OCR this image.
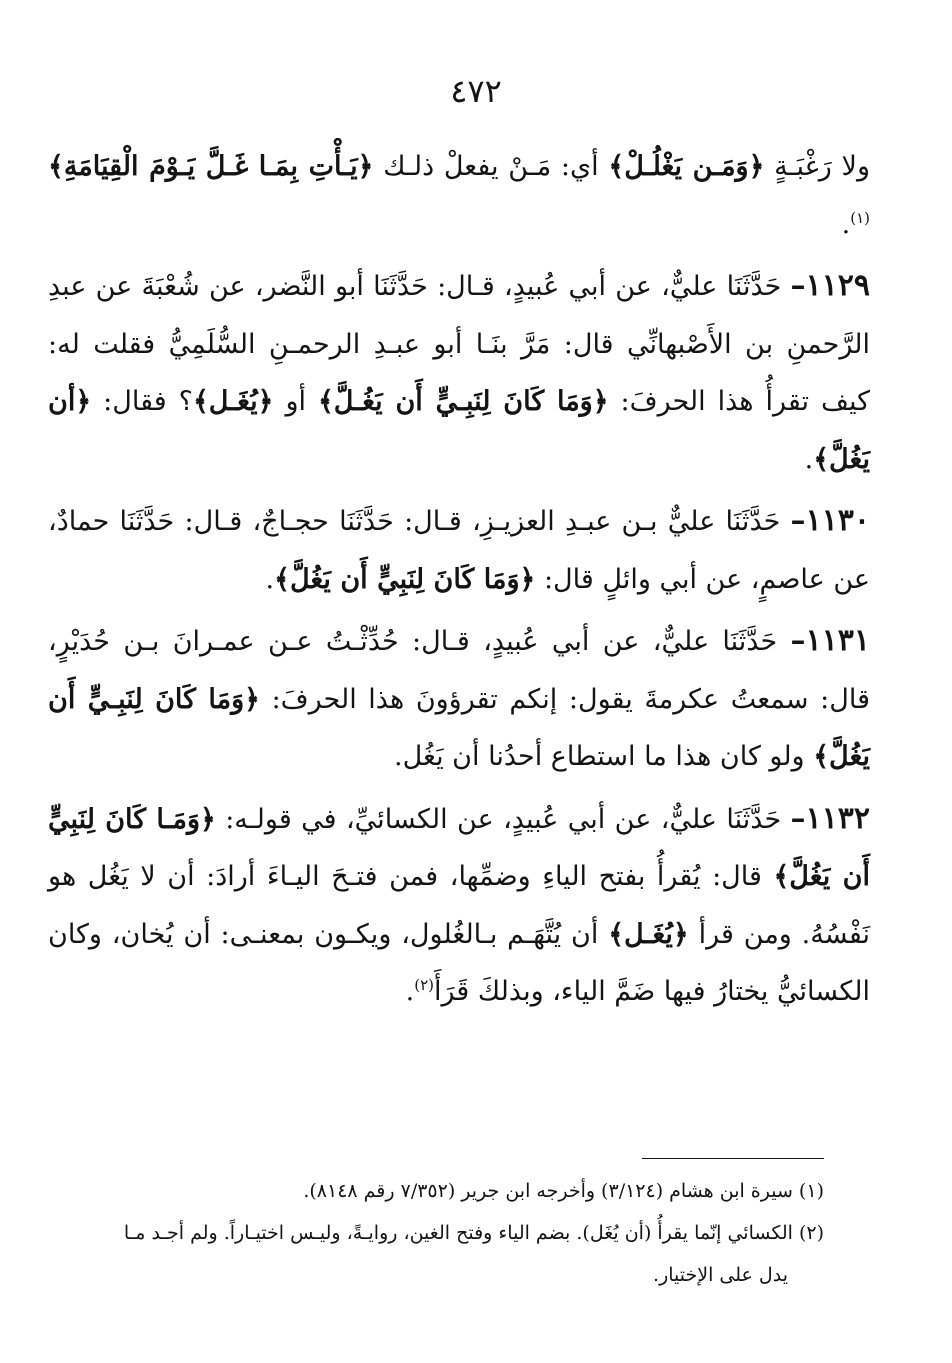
٤٧٢

ولا رَغْبَـةٍ ﴿وَمَـن يَغْلُـلْ﴾ أي: مَـنْ يفعلْ ذلـك ﴿يَـأْتِ بِمَـا غَـلَّ يَـوْمَ الْقِيَامَةِ﴾$^{(١)}$.

١١٢٩– حَدَّثَنَا عليٌّ، عن أبي عُبيدٍ، قـال: حَدَّثَنَا أبو النَّضر، عن شُعْبَةَ عن عبدِ الرَّحمنِ بن الأَصْبهانِّي قال: مَرَّ بنَـا أبو عبـدِ الرحمـنِ السُّلَمِيُّ فقلت له: كيف تقرأُ هذا الحرفَ: ﴿وَمَا كَانَ لِنَبِـيٍّ أَن يَغُـلَّ﴾ أو ﴿يُغَـل﴾؟ فقال: ﴿أن يَغُلَّ﴾.

١١٣٠– حَدَّثَنَا عليٌّ بـن عبـدِ العزيـزِ، قـال: حَدَّثَنَا حجـاجٌ، قـال: حَدَّثَنَا حمادٌ، عن عاصمٍ، عن أبي وائلٍ قال: ﴿وَمَا كَانَ لِنَبِيٍّ أَن يَغُلَّ﴾.

١١٣١– حَدَّثَنَا عليٌّ، عن أبي عُبيدٍ، قـال: حُدِّثْـتُ عـن عمـرانَ بـن حُدَيْرٍ، قال: سمعتُ عكرمةَ يقول: إنكم تقرؤونَ هذا الحرفَ: ﴿وَمَا كَانَ لِنَبِـيٍّ أَن يَغُلَّ﴾ ولو كان هذا ما استطاع أحدُنا أن يَغُل.

١١٣٢– حَدَّثَنَا عليٌّ، عن أبي عُبيدٍ، عن الكسائيِّ، في قولـه: ﴿وَمَـا كَانَ لِنَبِيٍّ أَن يَغُلَّ﴾ قال: يُقرأُ بفتح الياءِ وضمِّها، فمن فتـحَ اليـاءَ أرادَ: أن لا يَغُل هو نَفْسُهُ. ومن قرأ ﴿يُغَـل﴾ أن يُتَّهَـم بـالغُلول، ويكـون بمعنـى: أن يُخان، وكان الكسائيُّ يختارُ فيها ضَمَّ الياء، وبذلكَ قَرَأَ$^{(٢)}$.

(١) سيرة ابن هشام (٣/١٢٤) وأخرجه ابن جرير (٧/٣٥٢ رقم ٨١٤٨).

(٢) الكسائي إنّما يقرأُ (أن يُغَل). بضم الياء وفتح الغين، روايـةً، وليـس اختيـاراً. ولم أجـد مـا

يدل على الإختيار.
